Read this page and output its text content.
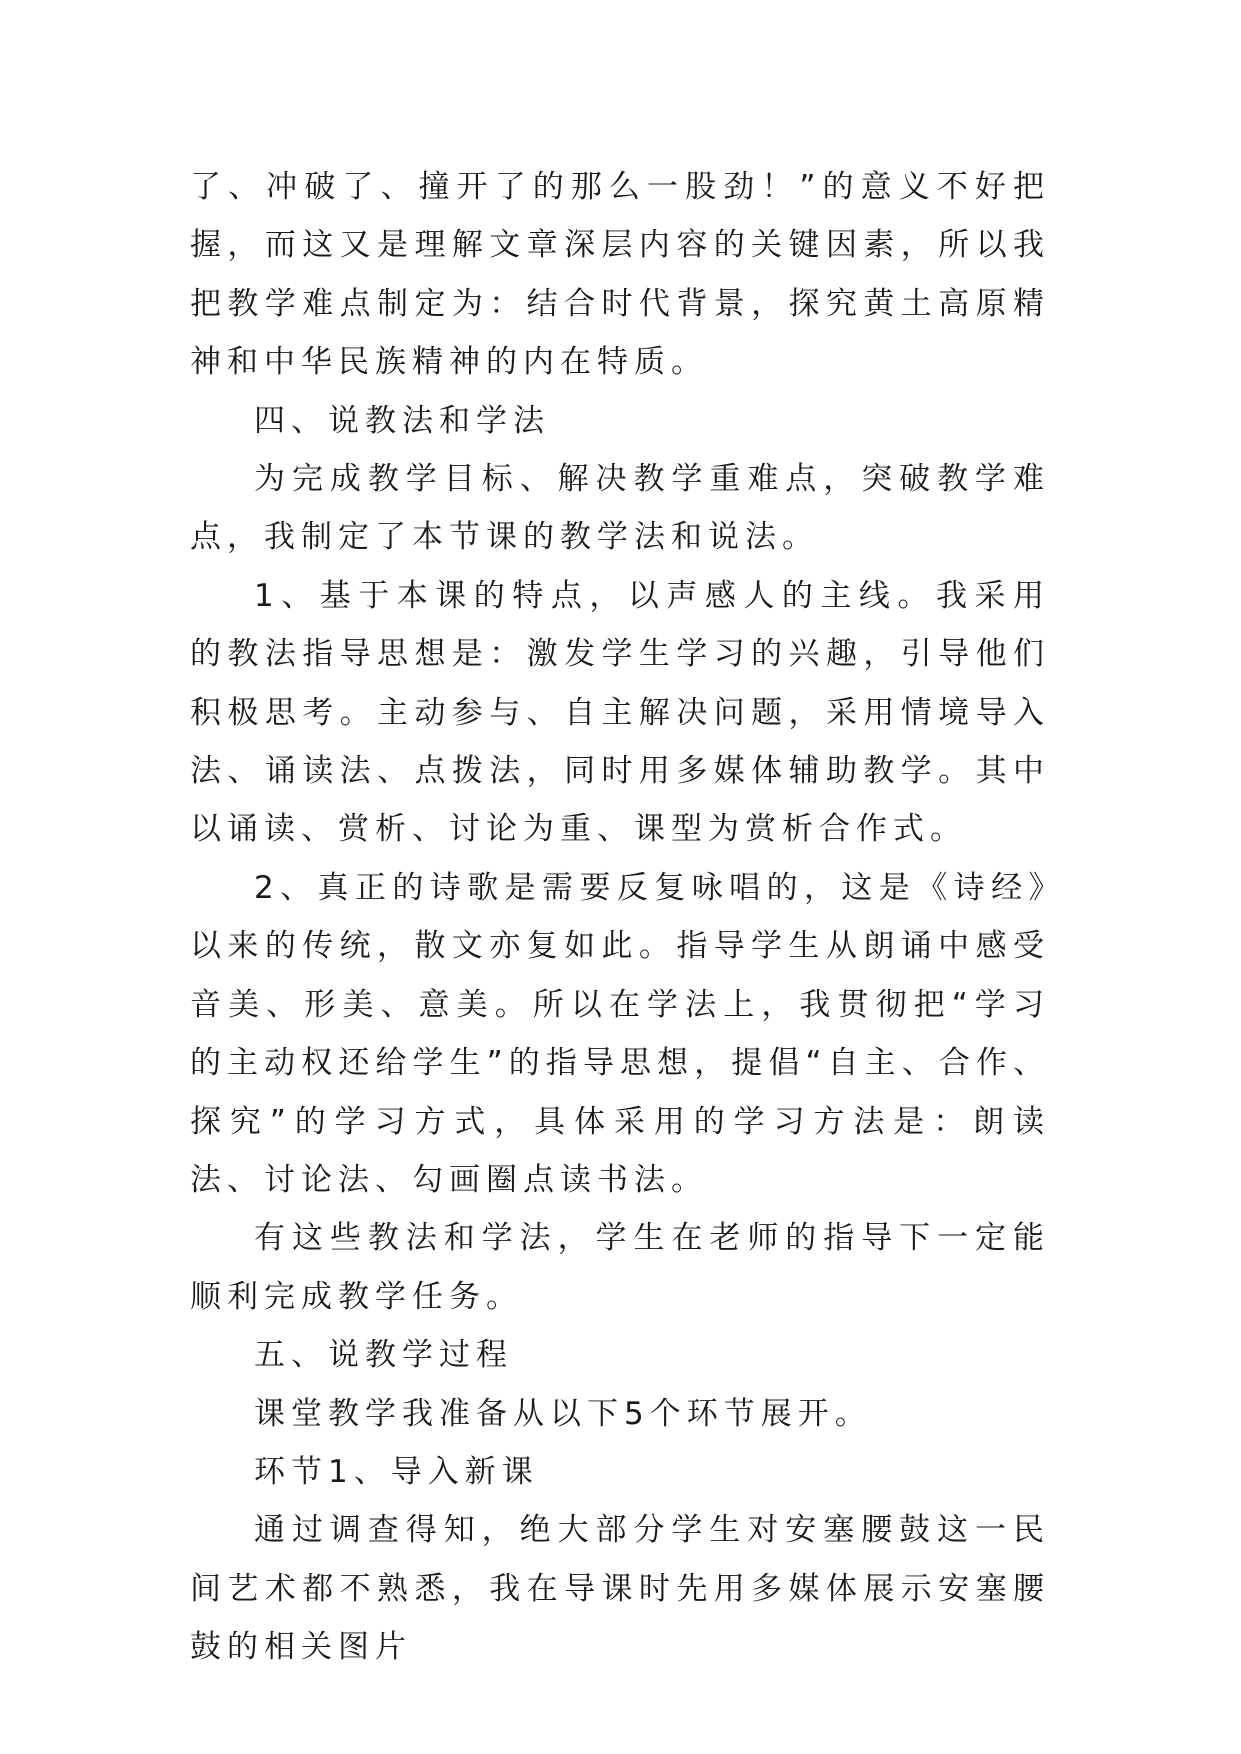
了、冲破了、撞开了的那么一股劲！”的意义不好把握，而这又是理解文章深层内容的关键因素，所以我把教学难点制定为：结合时代背景，探究黄土高原精神和中华民族精神的内在特质。

四、说教法和学法

为完成教学目标、解决教学重难点，突破教学难点，我制定了本节课的教学法和说法。

1、基于本课的特点，以声感人的主线。我采用的教法指导思想是：激发学生学习的兴趣，引导他们积极思考。主动参与、自主解决问题，采用情境导入法、诵读法、点拨法，同时用多媒体辅助教学。其中以诵读、赏析、讨论为重、课型为赏析合作式。

2、真正的诗歌是需要反复咏唱的，这是《诗经》以来的传统，散文亦复如此。指导学生从朗诵中感受音美、形美、意美。所以在学法上，我贯彻把“学习的主动权还给学生”的指导思想，提倡“自主、合作、探究”的学习方式，具体采用的学习方法是：朗读法、讨论法、勾画圈点读书法。

有这些教法和学法，学生在老师的指导下一定能顺利完成教学任务。

五、说教学过程

课堂教学我准备从以下5个环节展开。

环节1、导入新课

通过调查得知，绝大部分学生对安塞腰鼓这一民间艺术都不熟悉，我在导课时先用多媒体展示安塞腰鼓的相关图片
